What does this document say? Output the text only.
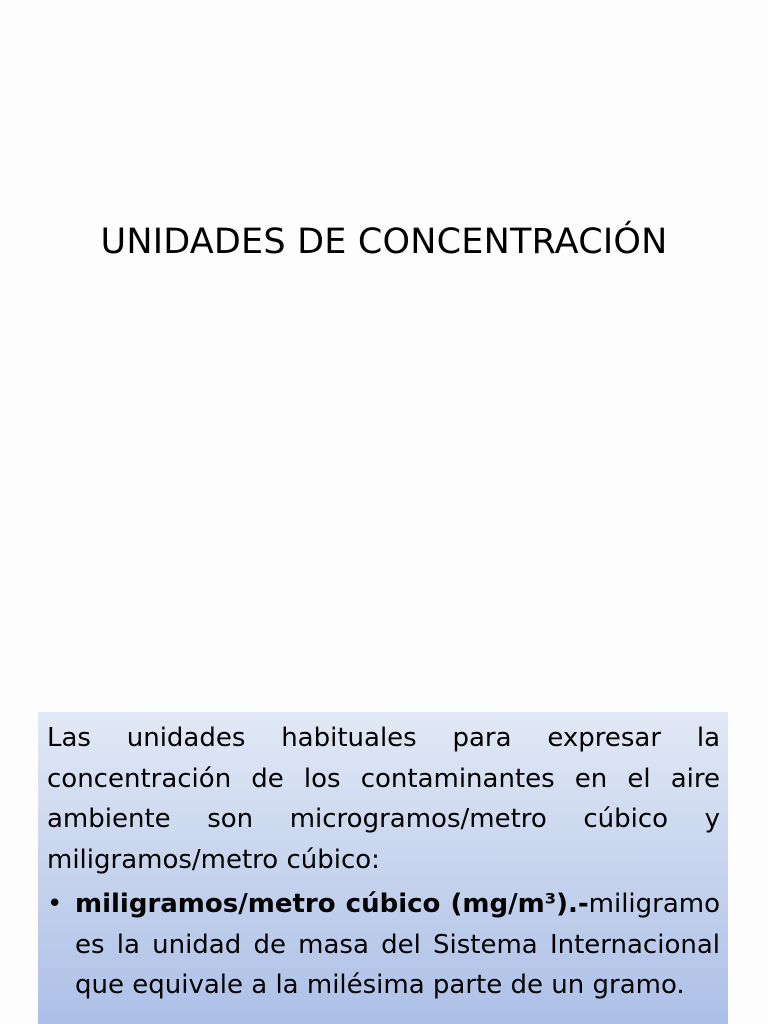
UNIDADES DE CONCENTRACIÓN

Las unidades habituales para expresar la concentración de los contaminantes en el aire ambiente son microgramos/metro cúbico y miligramos/metro cúbico:

• miligramos/metro cúbico (mg/m³).-miligramo es la unidad de masa del Sistema Internacional que equivale a la milésima parte de un gramo.
